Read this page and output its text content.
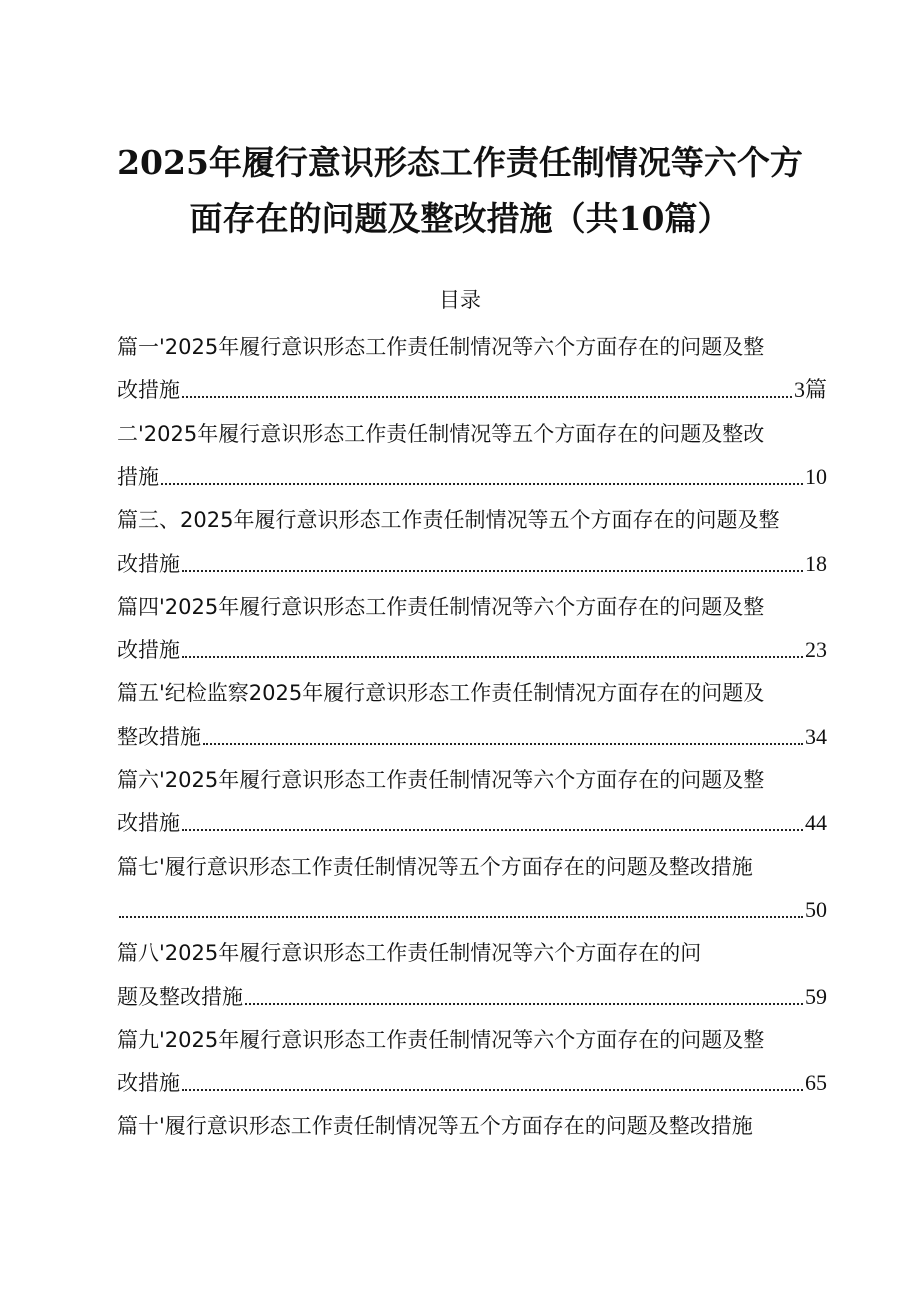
2025年履行意识形态工作责任制情况等六个方
面存在的问题及整改措施（共10篇）
目录
篇一'2025年履行意识形态工作责任制情况等六个方面存在的问题及整
改措施	3篇
二'2025年履行意识形态工作责任制情况等五个方面存在的问题及整改
措施	10
篇三、2025年履行意识形态工作责任制情况等五个方面存在的问题及整
改措施	18
篇四'2025年履行意识形态工作责任制情况等六个方面存在的问题及整
改措施	23
篇五'纪检监察2025年履行意识形态工作责任制情况方面存在的问题及
整改措施	34
篇六'2025年履行意识形态工作责任制情况等六个方面存在的问题及整
改措施	44
篇七'履行意识形态工作责任制情况等五个方面存在的问题及整改措施
50
篇八'2025年履行意识形态工作责任制情况等六个方面存在的问
题及整改措施	59
篇九'2025年履行意识形态工作责任制情况等六个方面存在的问题及整
改措施	65
篇十'履行意识形态工作责任制情况等五个方面存在的问题及整改措施
